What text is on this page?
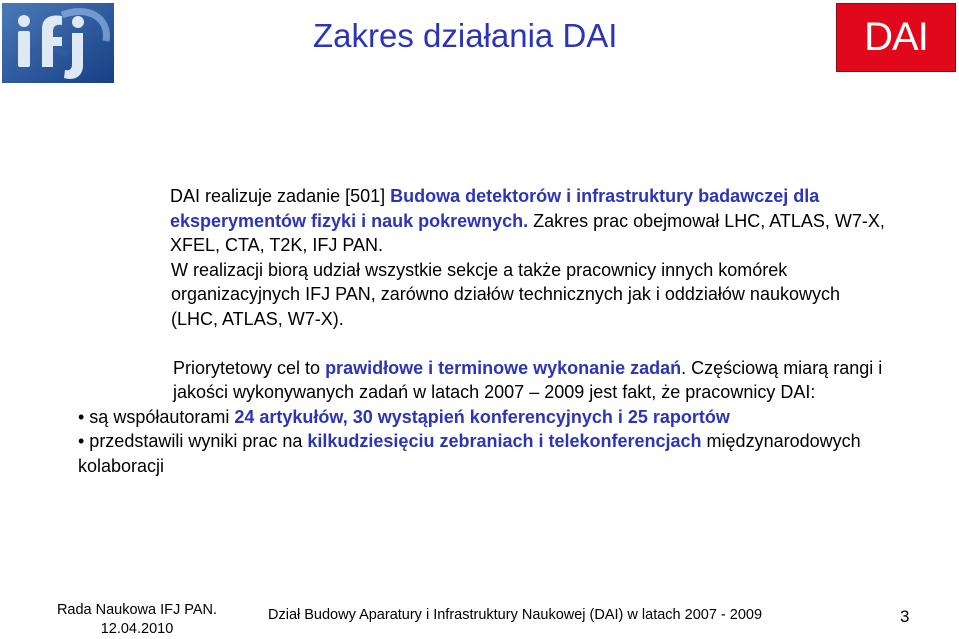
Zakres działania DAI	DAI

DAI realizuje zadanie [501] Budowa detektorów i infrastruktury badawczej dla eksperymentów fizyki i nauk pokrewnych. Zakres prac obejmował LHC, ATLAS, W7-X, XFEL, CTA, T2K, IFJ PAN.

W realizacji biorą udział wszystkie sekcje a także pracownicy innych komórek organizacyjnych IFJ PAN, zarówno działów technicznych jak i oddziałów naukowych (LHC, ATLAS, W7-X).

Priorytetowy cel to prawidłowe i terminowe wykonanie zadań. Częściową miarą rangi i jakości wykonywanych zadań w latach 2007 – 2009 jest fakt, że pracownicy DAI:

• są współautorami 24 artykułów, 30 wystąpień konferencyjnych i 25 raportów

• przedstawili wyniki prac na kilkudziesięciu zebraniach i telekonferencjach międzynarodowych kolaboracji

Rada Naukowa IFJ PAN.
12.04.2010
Dział Budowy Aparatury i Infrastruktury Naukowej (DAI) w latach 2007 - 2009	3
